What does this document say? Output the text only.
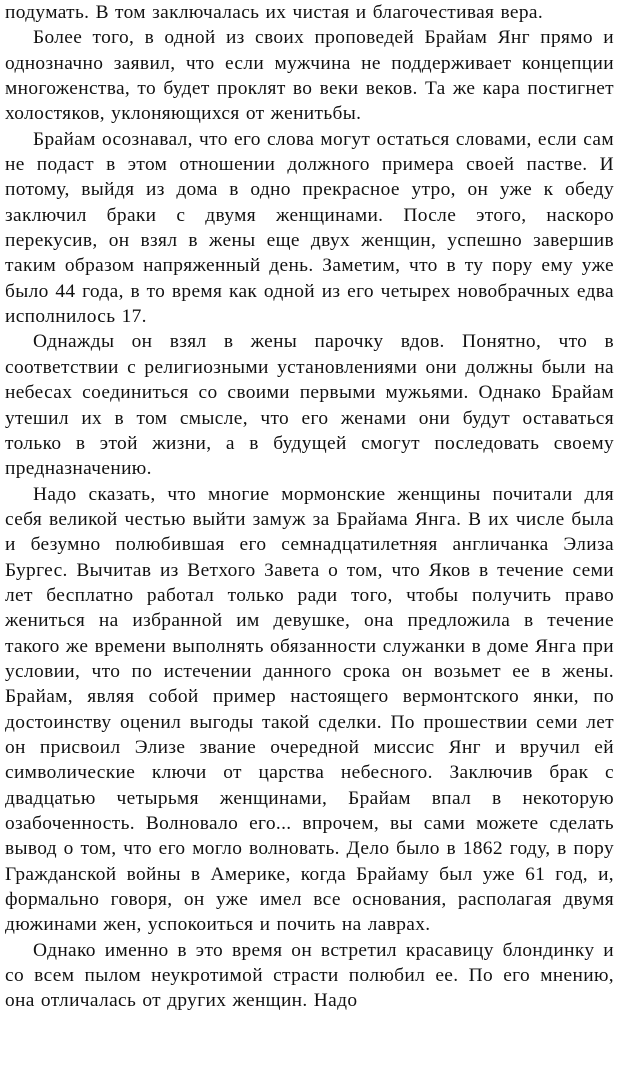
подумать. В том заключалась их чистая и благочестивая вера.

Более того, в одной из своих проповедей Брайам Янг прямо и однозначно заявил, что если мужчина не поддерживает концепции многоженства, то будет проклят во веки веков. Та же кара постигнет холостяков, уклоняющихся от женитьбы.

Брайам осознавал, что его слова могут остаться словами, если сам не подаст в этом отношении должного примера своей пастве. И потому, выйдя из дома в одно прекрасное утро, он уже к обеду заключил браки с двумя женщинами. После этого, наскоро перекусив, он взял в жены еще двух женщин, успешно завершив таким образом напряженный день. Заметим, что в ту пору ему уже было 44 года, в то время как одной из его четырех новобрачных едва исполнилось 17.

Однажды он взял в жены парочку вдов. Понятно, что в соответствии с религиозными установлениями они должны были на небесах соединиться со своими первыми мужьями. Однако Брайам утешил их в том смысле, что его женами они будут оставаться только в этой жизни, а в будущей смогут последовать своему предназначению.

Надо сказать, что многие мормонские женщины почитали для себя великой честью выйти замуж за Брайама Янга. В их числе была и безумно полюбившая его семнадцатилетняя англичанка Элиза Бургес. Вычитав из Ветхого Завета о том, что Яков в течение семи лет бесплатно работал только ради того, чтобы получить право жениться на избранной им девушке, она предложила в течение такого же времени выполнять обязанности служанки в доме Янга при условии, что по истечении данного срока он возьмет ее в жены. Брайам, являя собой пример настоящего вермонтского янки, по достоинству оценил выгоды такой сделки. По прошествии семи лет он присвоил Элизе звание очередной миссис Янг и вручил ей символические ключи от царства небесного. Заключив брак с двадцатью четырьмя женщинами, Брайам впал в некоторую озабоченность. Волновало его... впрочем, вы сами можете сделать вывод о том, что его могло волновать. Дело было в 1862 году, в пору Гражданской войны в Америке, когда Брайаму был уже 61 год, и, формально говоря, он уже имел все основания, располагая двумя дюжинами жен, успокоиться и почить на лаврах.

Однако именно в это время он встретил красавицу блондинку и со всем пылом неукротимой страсти полюбил ее. По его мнению, она отличалась от других женщин. Надо
